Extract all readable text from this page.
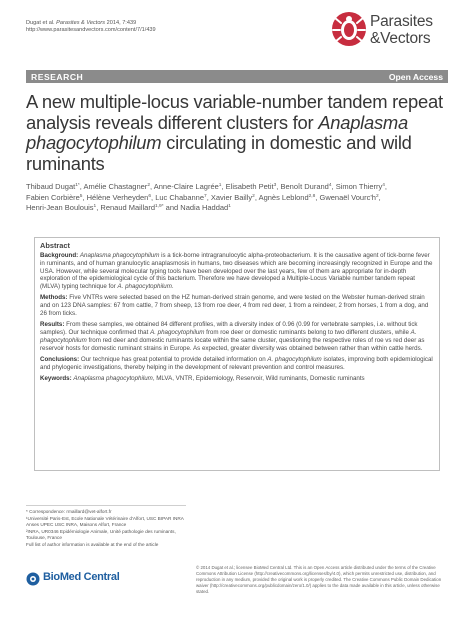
Dugat et al. Parasites & Vectors 2014, 7:439
http://www.parasitesandvectors.com/content/7/1/439	Parasites
&Vectors
RESEARCH	Open Access
A new multiple-locus variable-number tandem repeat analysis reveals different clusters for Anaplasma phagocytophilum circulating in domestic and wild ruminants
Thibaud Dugat$^{1*}$, Amélie Chastagner$^2$, Anne-Claire Lagrée$^1$, Elisabeth Petit$^3$, Benoît Durand$^4$, Simon Thierry$^4$, Fabien Corbière$^5$, Hélène Verheyden$^6$, Luc Chabanne$^7$, Xavier Bailly$^2$, Agnès Leblond$^{2,8}$, Gwenaël $Vourc'h^2$, Henri-Jean Boulouis$^1$, Renaud Maillard$^{1,9*}$ and Nadia Haddad$^1$
Abstract

Background: Anaplasma phagocytophilum is a tick-borne intragranulocytic alpha-proteobacterium. It is the causative agent of tick-borne fever in ruminants, and of human granulocytic anaplasmosis in humans, two diseases which are becoming increasingly recognized in Europe and the USA. However, while several molecular typing tools have been developed over the last years, few of them are appropriate for in-depth exploration of the epidemiological cycle of this bacterium. Therefore we have developed a Multiple-Locus Variable number tandem repeat (MLVA) typing technique for A. phagocytophilum.

Methods: Five VNTRs were selected based on the HZ human-derived strain genome, and were tested on the Webster human-derived strain and on 123 DNA samples: 67 from cattle, 7 from sheep, 13 from roe deer, 4 from red deer, 1 from a reindeer, 2 from horses, 1 from a dog, and 26 from ticks.

Results: From these samples, we obtained 84 different profiles, with a diversity index of 0.96 (0.99 for vertebrate samples, i.e. without tick samples). Our technique confirmed that A. phagocytophilum from roe deer or domestic ruminants belong to two different clusters, while A. phagocytophilum from red deer and domestic ruminants locate within the same cluster, questioning the respective roles of roe vs red deer as reservoir hosts for domestic ruminant strains in Europe. As expected, greater diversity was obtained between rather than within cattle herds.

Conclusions: Our technique has great potential to provide detailed information on A. phagocytophilum isolates, improving both epidemiological and phylogenic investigations, thereby helping in the development of relevant prevention and control measures.

Keywords: Anaplasma phagocytophilum, MLVA, VNTR, Epidemiology, Reservoir, Wild ruminants, Domestic ruminants

* Correspondence: rmaillard@vet-alfort.fr
¹Université Paris-Est, Ecole Nationale Vétérinaire d'Alfort, USC BIPAR INRA Anses UPEC USC INRA, Maisons Alfort, France
²INRA, UR0346 Epidémiologie Animale, Unité pathologie des ruminants, Toulouse, France
Full list of author information is available at the end of the article
BioMed Central
© 2014 Dugat et al.; licensee BioMed Central Ltd. This is an Open Access article distributed under the terms of the Creative Commons Attribution License (http://creativecommons.org/licenses/by/4.0), which permits unrestricted use, distribution, and reproduction in any medium, provided the original work is properly credited. The Creative Commons Public Domain Dedication waiver (http://creativecommons.org/publicdomain/zero/1.0/) applies to the data made available in this article, unless otherwise stated.
